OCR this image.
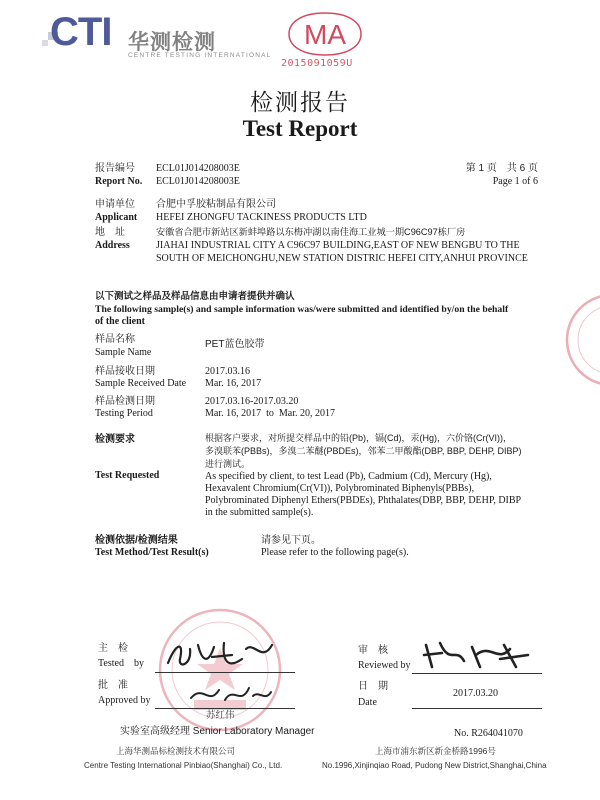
CTI 华测检测
CENTRE TESTING INTERNATIONAL
MA
2015091059U
检测报告
Test Report
报告编号
Report No.
ECL01J014208003E
ECL01J014208003E
第 1 页　共 6 页
Page 1 of 6
申请单位
Applicant
合肥中孚胶粘制品有限公司
HEFEI ZHONGFU TACKINESS PRODUCTS LTD
地　址
Address
安徽省合肥市新站区新蚌埠路以东梅冲湖以南佳海工业城一期C96C97栋厂房
JIAHAI INDUSTRIAL CITY A C96C97 BUILDING,EAST OF NEW BENGBU TO THE
SOUTH OF MEICHONGHU,NEW STATION DISTRIC HEFEI CITY,ANHUI PROVINCE
以下测试之样品及样品信息由申请者提供并确认
The following sample(s) and sample information was/were submitted and identified by/on the behalf
of the client
样品名称
Sample Name
PET蓝色胶带
样品接收日期
Sample Received Date
2017.03.16
Mar. 16, 2017
样品检测日期
Testing Period
2017.03.16-2017.03.20
Mar. 16, 2017  to  Mar. 20, 2017
检测要求
Test Requested
根据客户要求，对所提交样品中的铅(Pb)，镉(Cd)，汞(Hg)，六价铬(Cr(VI))，
多溴联苯(PBBs)，多溴二苯醚(PBDEs)，邻苯二甲酸酯(DBP, BBP, DEHP, DIBP)
进行测试。
As specified by client, to test Lead (Pb), Cadmium (Cd), Mercury (Hg),
Hexavalent Chromium(Cr(VI)), Polybrominated Biphenyls(PBBs),
Polybrominated Diphenyl Ethers(PBDEs), Phthalates(DBP, BBP, DEHP, DIBP
in the submitted sample(s).
检测依据/检测结果
Test Method/Test Result(s)
请参见下页。
Please refer to the following page(s).
主　检
Tested　by
批　准
Approved by
苏红伟
实验室高级经理 Senior Laboratory Manager
审　核
Reviewed by
日　期
Date
2017.03.20
No. R264041070
上海华测品标检测技术有限公司
Centre Testing International Pinbiao(Shanghai) Co., Ltd.
上海市浦东新区新金桥路1996号
No.1996,Xinjinqiao Road, Pudong New District,Shanghai,China
